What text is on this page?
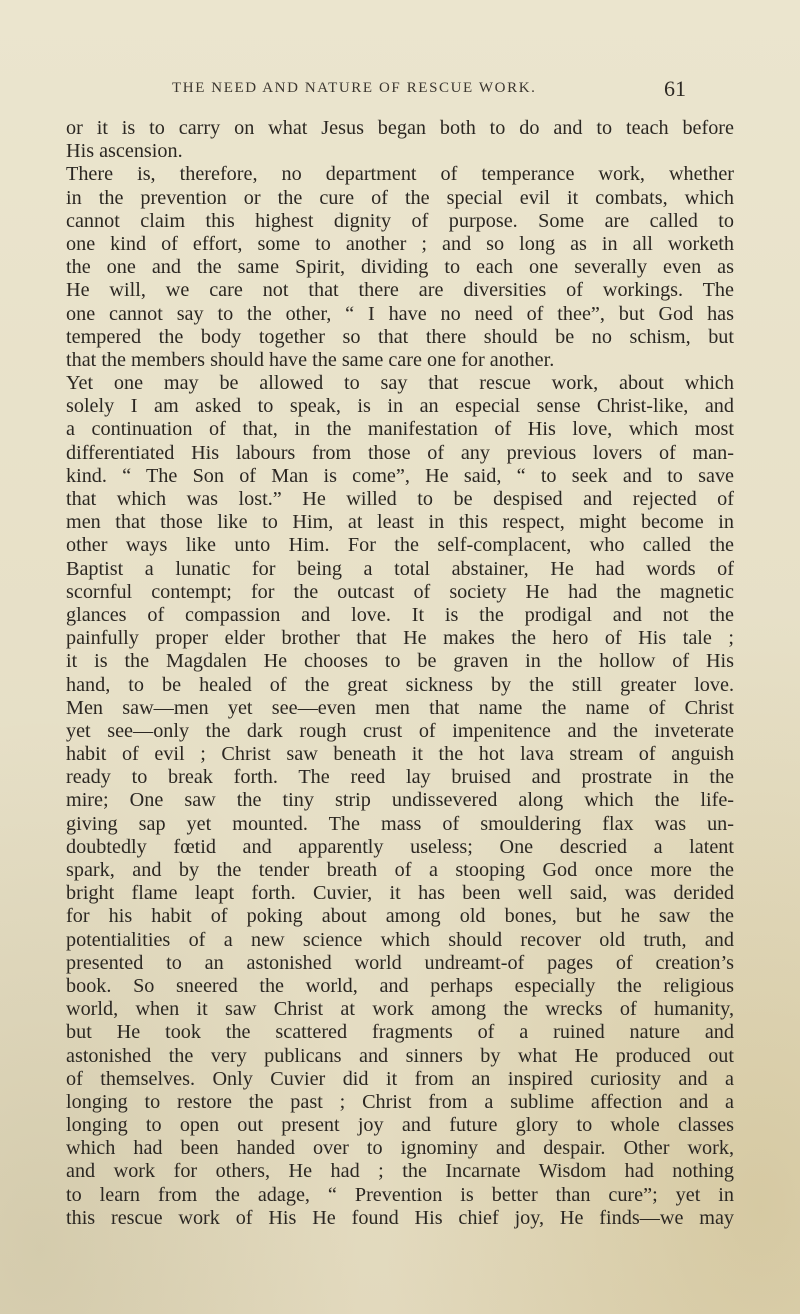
THE NEED AND NATURE OF RESCUE WORK.	61
or it is to carry on what Jesus began both to do and to teach before
His ascension.
There is, therefore, no department of temperance work, whether
in the prevention or the cure of the special evil it combats, which
cannot claim this highest dignity of purpose. Some are called to
one kind of effort, some to another ; and so long as in all worketh
the one and the same Spirit, dividing to each one severally even as
He will, we care not that there are diversities of workings. The
one cannot say to the other, “ I have no need of thee”, but God has
tempered the body together so that there should be no schism, but
that the members should have the same care one for another.
Yet one may be allowed to say that rescue work, about which
solely I am asked to speak, is in an especial sense Christ-like, and
a continuation of that, in the manifestation of His love, which most
differentiated His labours from those of any previous lovers of man-
kind. “ The Son of Man is come”, He said, “ to seek and to save
that which was lost.” He willed to be despised and rejected of
men that those like to Him, at least in this respect, might become in
other ways like unto Him. For the self-complacent, who called the
Baptist a lunatic for being a total abstainer, He had words of
scornful contempt; for the outcast of society He had the magnetic
glances of compassion and love. It is the prodigal and not the
painfully proper elder brother that He makes the hero of His tale ;
it is the Magdalen He chooses to be graven in the hollow of His
hand, to be healed of the great sickness by the still greater love.
Men saw—men yet see—even men that name the name of Christ
yet see—only the dark rough crust of impenitence and the inveterate
habit of evil ; Christ saw beneath it the hot lava stream of anguish
ready to break forth. The reed lay bruised and prostrate in the
mire; One saw the tiny strip undissevered along which the life-
giving sap yet mounted. The mass of smouldering flax was un-
doubtedly fœtid and apparently useless; One descried a latent
spark, and by the tender breath of a stooping God once more the
bright flame leapt forth. Cuvier, it has been well said, was derided
for his habit of poking about among old bones, but he saw the
potentialities of a new science which should recover old truth, and
presented to an astonished world undreamt-of pages of creation’s
book. So sneered the world, and perhaps especially the religious
world, when it saw Christ at work among the wrecks of humanity,
but He took the scattered fragments of a ruined nature and
astonished the very publicans and sinners by what He produced out
of themselves. Only Cuvier did it from an inspired curiosity and a
longing to restore the past ; Christ from a sublime affection and a
longing to open out present joy and future glory to whole classes
which had been handed over to ignominy and despair. Other work,
and work for others, He had ; the Incarnate Wisdom had nothing
to learn from the adage, “ Prevention is better than cure”; yet in
this rescue work of His He found His chief joy, He finds—we may
